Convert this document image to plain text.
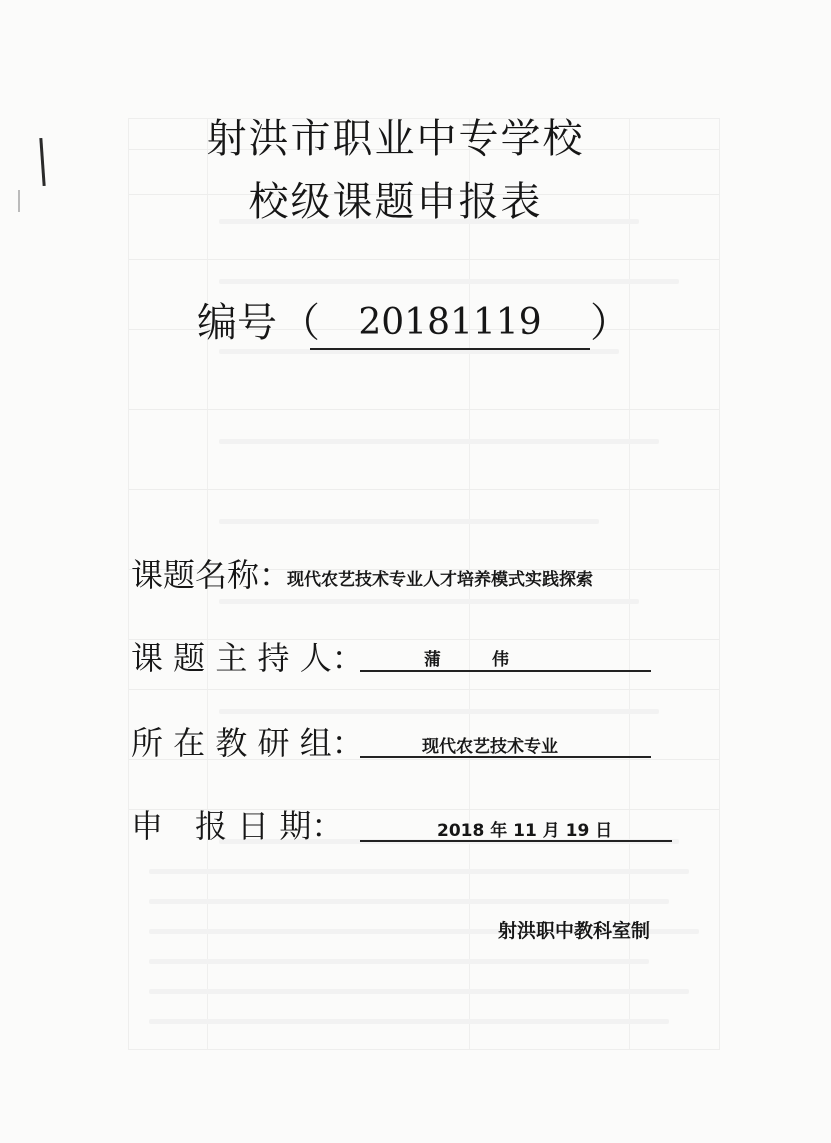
射洪市职业中专学校
校级课题申报表
编号 （	20181119	）
课题名称：
现代农艺技术专业人才培养模式实践探索
课 题 主 持 人：	蒲　　　伟
所 在 教 研 组：	现代农艺技术专业
申　报 日 期：	2018 年 11 月 19 日
射洪职中教科室制
